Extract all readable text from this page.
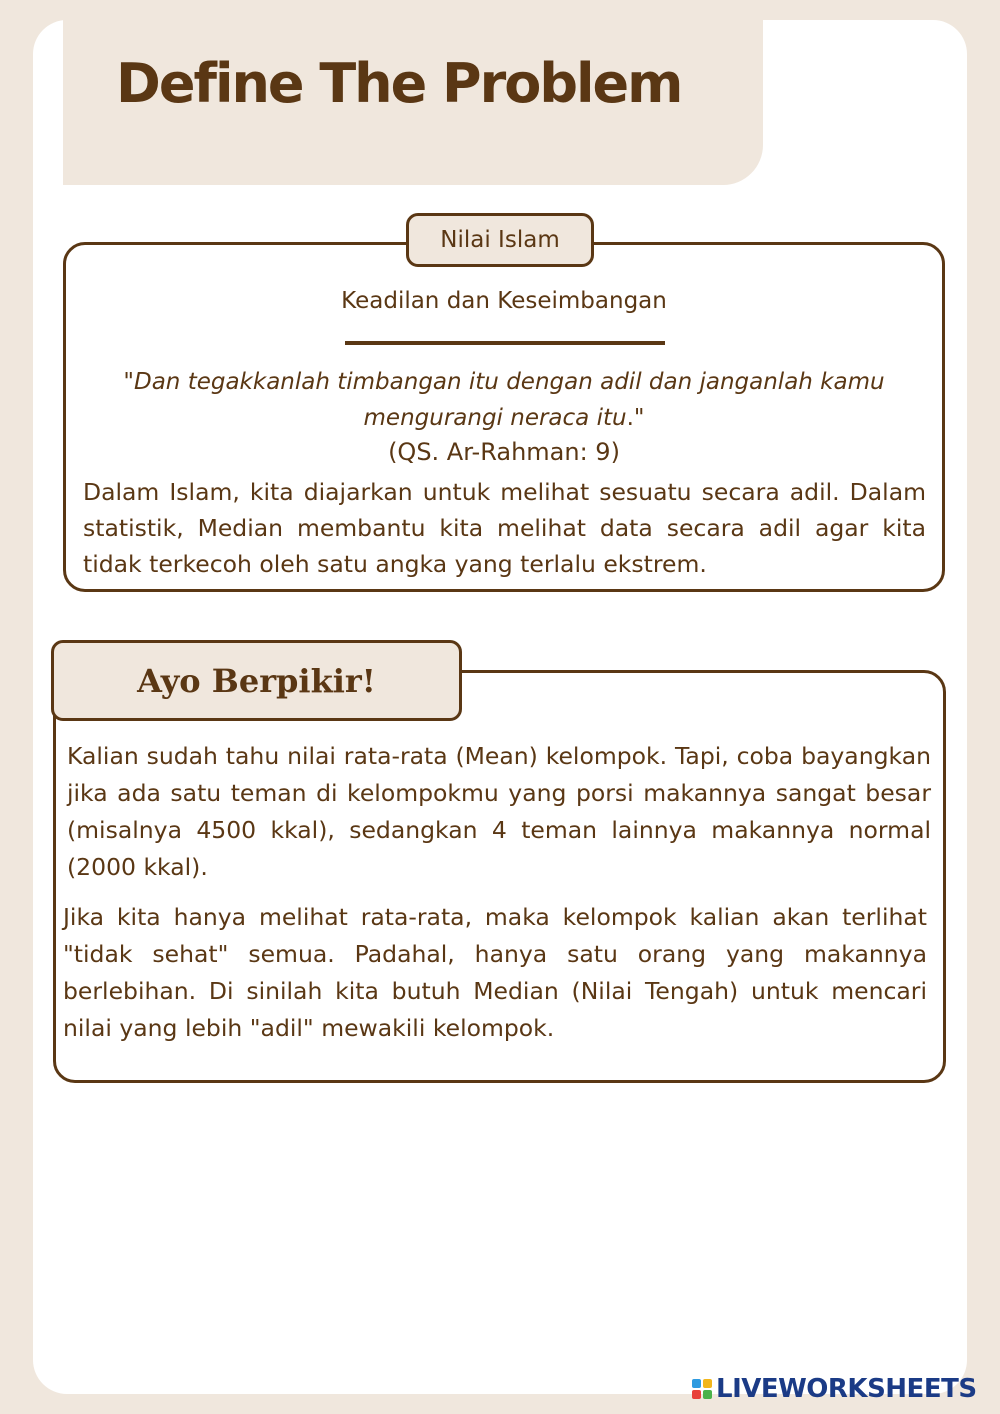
Define The Problem
Nilai Islam
Keadilan dan Keseimbangan
"Dan tegakkanlah timbangan itu dengan adil dan janganlah kamu mengurangi neraca itu."
(QS. Ar-Rahman: 9)
Dalam Islam, kita diajarkan untuk melihat sesuatu secara adil. Dalam statistik, Median membantu kita melihat data secara adil agar kita tidak terkecoh oleh satu angka yang terlalu ekstrem.
Ayo Berpikir!
Kalian sudah tahu nilai rata-rata (Mean) kelompok. Tapi, coba bayangkan jika ada satu teman di kelompokmu yang porsi makannya sangat besar (misalnya 4500 kkal), sedangkan 4 teman lainnya makannya normal (2000 kkal).
Jika kita hanya melihat rata-rata, maka kelompok kalian akan terlihat "tidak sehat" semua. Padahal, hanya satu orang yang makannya berlebihan. Di sinilah kita butuh Median (Nilai Tengah) untuk mencari nilai yang lebih "adil" mewakili kelompok.
LIVEWORKSHEETS
